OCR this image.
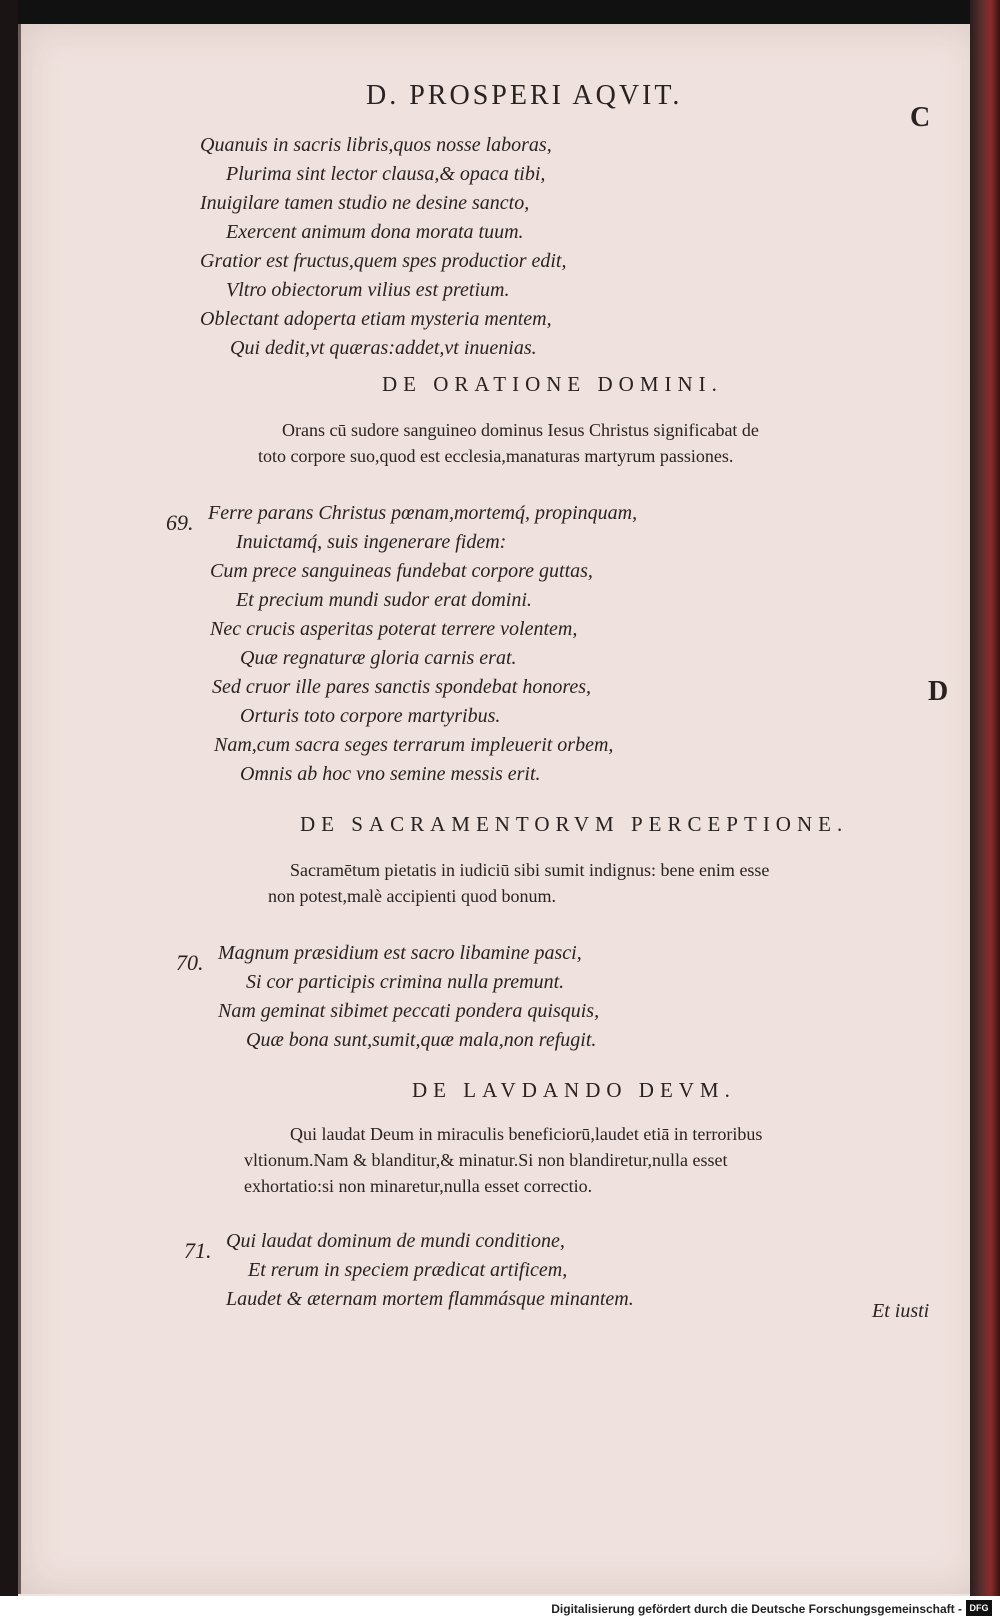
D. PROSPERI AQVIT.
C
D
Quanuis in sacris libris,quos nosse laboras,
Plurima sint lector clausa,& opaca tibi,
Inuigilare tamen studio ne desine sancto,
Exercent animum dona morata tuum.
Gratior est fructus,quem spes productior edit,
Vltro obiectorum vilius est pretium.
Oblectant adoperta etiam mysteria mentem,
Qui dedit,vt quæras:addet,vt inuenias.
DE ORATIONE DOMINI.
Orans cū sudore sanguineo dominus Iesus Christus significabat de
toto corpore suo,quod est ecclesia,manaturas martyrum passiones.
69. Ferre parans Christus pœnam,mortemq́, propinquam,
Inuictamq́, suis ingenerare fidem:
Cum prece sanguineas fundebat corpore guttas,
Et precium mundi sudor erat domini.
Nec crucis asperitas poterat terrere volentem,
Quæ regnaturæ gloria carnis erat.
Sed cruor ille pares sanctis spondebat honores,
Orturis toto corpore martyribus.
Nam,cum sacra seges terrarum impleuerit orbem,
Omnis ab hoc vno semine messis erit.
DE SACRAMENTORVM PERCEPTIONE.
Sacramētum pietatis in iudiciū sibi sumit indignus: bene enim esse
non potest,malè accipienti quod bonum.
70. Magnum præsidium est sacro libamine pasci,
Si cor participis crimina nulla premunt.
Nam geminat sibimet peccati pondera quisquis,
Quæ bona sunt,sumit,quæ mala,non refugit.
DE LAVDANDO DEVM.
Qui laudat Deum in miraculis beneficiorū,laudet etiā in terroribus
vltionum.Nam & blanditur,& minatur.Si non blandiretur,nulla esset
exhortatio:si non minaretur,nulla esset correctio.
71. Qui laudat dominum de mundi conditione,
Et rerum in speciem prædicat artificem,
Laudet & æternam mortem flammásque minantem.
Et iusti
Digitalisierung gefördert durch die Deutsche Forschungsgemeinschaft - DFG
